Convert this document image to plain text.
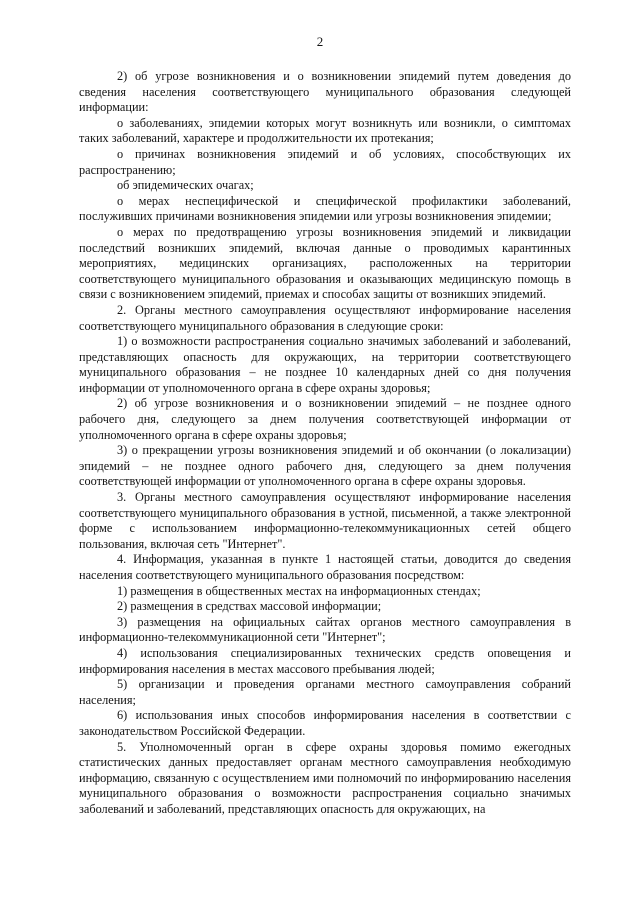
2

2) об угрозе возникновения и о возникновении эпидемий путем доведения до сведения населения соответствующего муниципального образования следующей информации:

о заболеваниях, эпидемии которых могут возникнуть или возникли, о симптомах таких заболеваний, характере и продолжительности их протекания;

о причинах возникновения эпидемий и об условиях, способствующих их распространению;

об эпидемических очагах;

о мерах неспецифической и специфической профилактики заболеваний, послуживших причинами возникновения эпидемии или угрозы возникновения эпидемии;

о мерах по предотвращению угрозы возникновения эпидемий и ликвидации последствий возникших эпидемий, включая данные о проводимых карантинных мероприятиях, медицинских организациях, расположенных на территории соответствующего муниципального образования и оказывающих медицинскую помощь в связи с возникновением эпидемий, приемах и способах защиты от возникших эпидемий.

2. Органы местного самоуправления осуществляют информирование населения соответствующего муниципального образования в следующие сроки:

1) о возможности распространения социально значимых заболеваний и заболеваний, представляющих опасность для окружающих, на территории соответствующего муниципального образования – не позднее 10 календарных дней со дня получения информации от уполномоченного органа в сфере охраны здоровья;

2) об угрозе возникновения и о возникновении эпидемий – не позднее одного рабочего дня, следующего за днем получения соответствующей информации от уполномоченного органа в сфере охраны здоровья;

3) о прекращении угрозы возникновения эпидемий и об окончании (о локализации) эпидемий – не позднее одного рабочего дня, следующего за днем получения соответствующей информации от уполномоченного органа в сфере охраны здоровья.

3. Органы местного самоуправления осуществляют информирование населения соответствующего муниципального образования в устной, письменной, а также электронной форме с использованием информационно-телекоммуникационных сетей общего пользования, включая сеть "Интернет".

4. Информация, указанная в пункте 1 настоящей статьи, доводится до сведения населения соответствующего муниципального образования посредством:

1) размещения в общественных местах на информационных стендах;

2) размещения в средствах массовой информации;

3) размещения на официальных сайтах органов местного самоуправления в информационно-телекоммуникационной сети "Интернет";

4) использования специализированных технических средств оповещения и информирования населения в местах массового пребывания людей;

5) организации и проведения органами местного самоуправления собраний населения;

6) использования иных способов информирования населения в соответствии с законодательством Российской Федерации.

5. Уполномоченный орган в сфере охраны здоровья помимо ежегодных статистических данных предоставляет органам местного самоуправления необходимую информацию, связанную с осуществлением ими полномочий по информированию населения муниципального образования о возможности распространения социально значимых заболеваний и заболеваний, представляющих опасность для окружающих, на
